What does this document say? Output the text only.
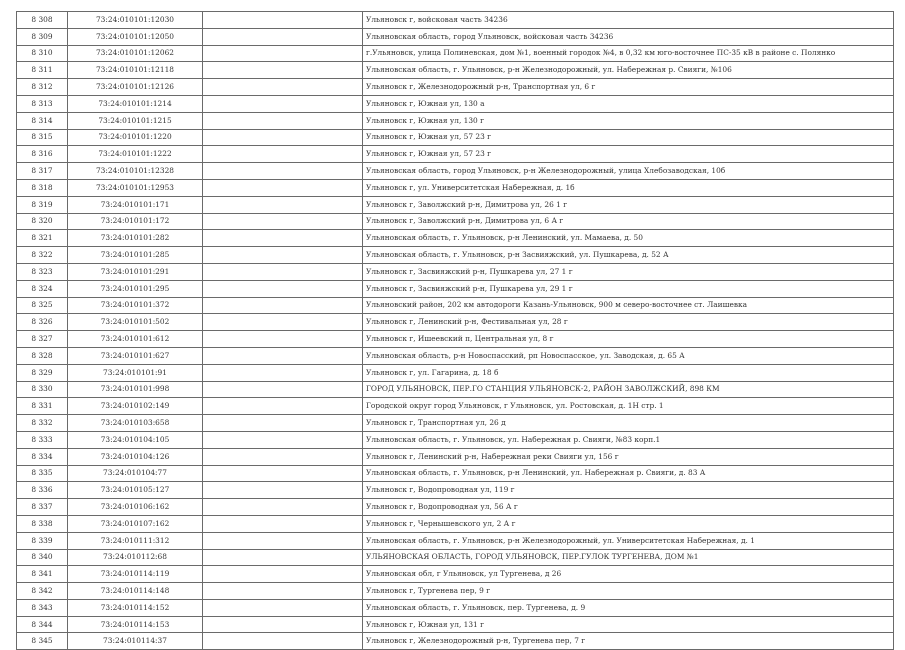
8 308	73:24:010101:12030		Ульяновск г, войсковая часть 34236
8 309	73:24:010101:12050		Ульяновская область, город Ульяновск, войсковая часть 34236
8 310	73:24:010101:12062		г.Ульяновск, улица Полиневская, дом №1, военный городок №4, в 0,32 км юго-восточнее ПС-35 кВ в районе с. Полянко
8 311	73:24:010101:12118		Ульяновская область, г. Ульяновск, р-н Железнодорожный, ул. Набережная р. Свияги, №106
8 312	73:24:010101:12126		Ульяновск г, Железнодорожный р-н, Транспортная ул, 6 г
8 313	73:24:010101:1214		Ульяновск г, Южная ул, 130 а
8 314	73:24:010101:1215		Ульяновск г, Южная ул, 130 г
8 315	73:24:010101:1220		Ульяновск г, Южная ул, 57 23 г
8 316	73:24:010101:1222		Ульяновск г, Южная ул, 57 23 г
8 317	73:24:010101:12328		Ульяновская область, город Ульяновск, р-н Железнодорожный, улица Хлебозаводская, 10б
8 318	73:24:010101:12953		Ульяновск г, ул. Университетская Набережная, д. 1б
8 319	73:24:010101:171		Ульяновск г, Заволжский р-н, Димитрова ул, 26 1 г
8 320	73:24:010101:172		Ульяновск г, Заволжский р-н, Димитрова ул, 6 А г
8 321	73:24:010101:282		Ульяновская область, г. Ульяновск, р-н Ленинский, ул. Мамаева, д. 50
8 322	73:24:010101:285		Ульяновская область, г. Ульяновск, р-н Засвияжский, ул. Пушкарева, д. 52 А
8 323	73:24:010101:291		Ульяновск г, Засвияжский р-н, Пушкарева ул, 27 1 г
8 324	73:24:010101:295		Ульяновск г, Засвияжский р-н, Пушкарева ул, 29 1 г
8 325	73:24:010101:372		Ульяновский район, 202 км автодороги Казань-Ульяновск, 900 м северо-восточнее ст. Лаишевка
8 326	73:24:010101:502		Ульяновск г, Ленинский р-н, Фестивальная ул, 28 г
8 327	73:24:010101:612		Ульяновск г, Ишеевский п, Центральная ул, 8 г
8 328	73:24:010101:627		Ульяновская область, р-н Новоспасский, рп Новоспасское, ул. Заводская, д. 65 А
8 329	73:24:010101:91		Ульяновск г, ул. Гагарина, д. 18 б
8 330	73:24:010101:998		ГОРОД УЛЬЯНОВСК, ПЕР.ГО СТАНЦИЯ УЛЬЯНОВСК-2, РАЙОН ЗАВОЛЖСКИЙ, 898 КМ
8 331	73:24:010102:149		Городской округ город Ульяновск, г Ульяновск, ул. Ростовская, д. 1Н стр. 1
8 332	73:24:010103:658		Ульяновск г, Транспортная ул, 26 д
8 333	73:24:010104:105		Ульяновская область, г. Ульяновск, ул. Набережная р. Свияги, №83 корп.1
8 334	73:24:010104:126		Ульяновск г, Ленинский р-н, Набережная реки Свияги ул, 156 г
8 335	73:24:010104:77		Ульяновская область, г. Ульяновск, р-н Ленинский, ул. Набережная р. Свияги, д. 83 А
8 336	73:24:010105:127		Ульяновск г, Водопроводная ул, 119 г
8 337	73:24:010106:162		Ульяновск г, Водопроводная ул, 56 А г
8 338	73:24:010107:162		Ульяновск г, Чернышевского ул, 2 А г
8 339	73:24:010111:312		Ульяновская область, г. Ульяновск, р-н Железнодорожный, ул. Университетская Набережная, д. 1
8 340	73:24:010112:68		УЛЬЯНОВСКАЯ ОБЛАСТЬ, ГОРОД УЛЬЯНОВСК, ПЕР.ГУЛОК ТУРГЕНЕВА, ДОМ №1
8 341	73:24:010114:119		Ульяновская обл, г Ульяновск, ул Тургенева, д 26
8 342	73:24:010114:148		Ульяновск г, Тургенева пер, 9 г
8 343	73:24:010114:152		Ульяновская область, г. Ульяновск, пер. Тургенева, д. 9
8 344	73:24:010114:153		Ульяновск г, Южная ул, 131 г
8 345	73:24:010114:37		Ульяновск г, Железнодорожный р-н, Тургенева пер, 7 г
